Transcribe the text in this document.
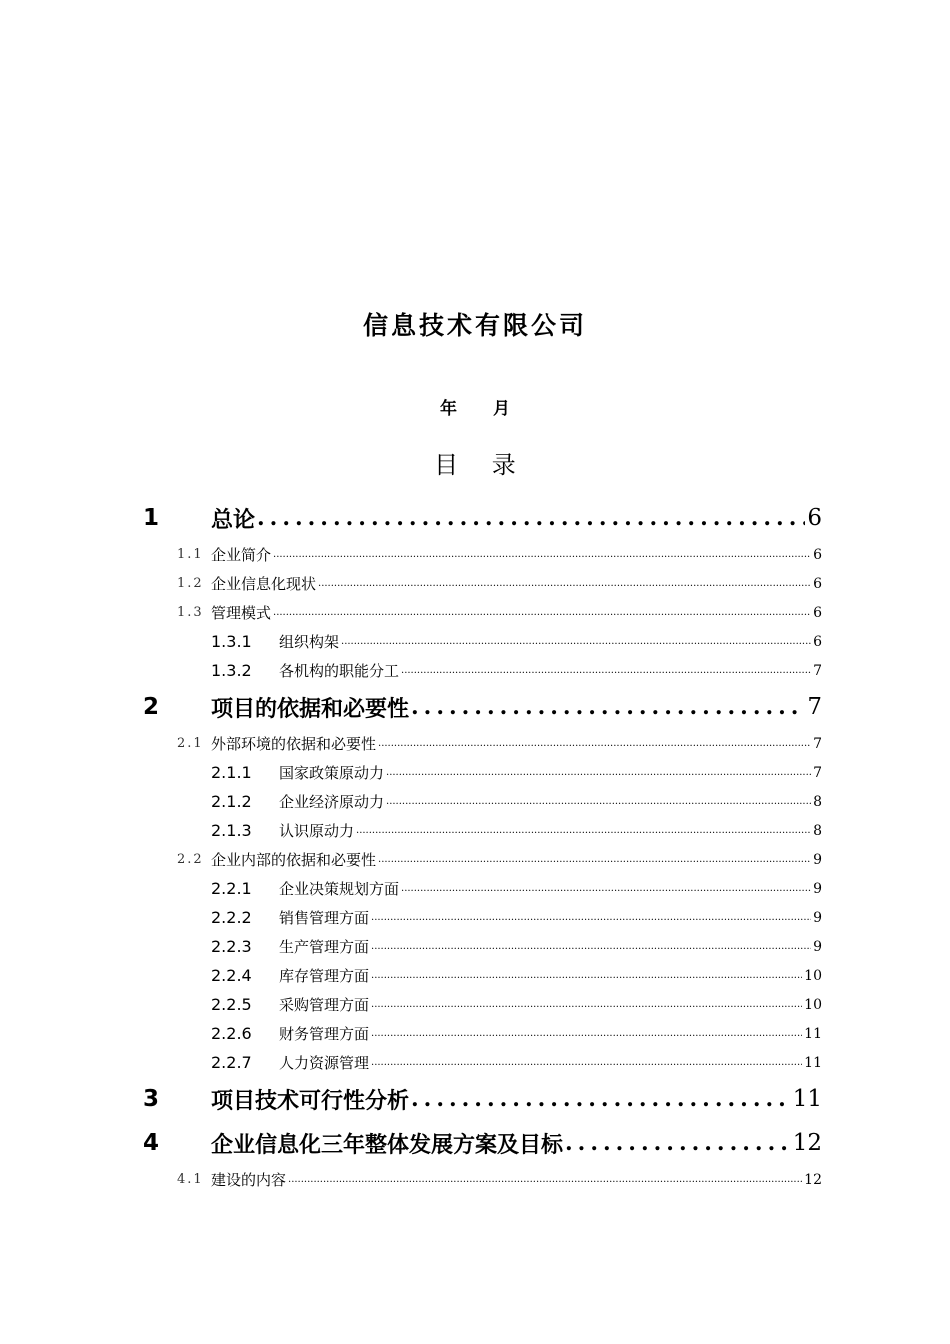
信息技术有限公司
年 月
目 录
1	总论 .....	6
1.1 企业简介 .....	6
1.2 企业信息化现状 .....	6
1.3 管理模式 .....	6
1.3.1	组织构架 .....	6
1.3.2	各机构的职能分工 .....	7
2	项目的依据和必要性 .....	7
2.1 外部环境的依据和必要性 .....	7
2.1.1	国家政策原动力 .....	7
2.1.2	企业经济原动力 .....	8
2.1.3	认识原动力 .....	8
2.2 企业内部的依据和必要性 .....	9
2.2.1	企业决策规划方面 .....	9
2.2.2	销售管理方面 .....	9
2.2.3	生产管理方面 .....	9
2.2.4	库存管理方面 .....	10
2.2.5	采购管理方面 .....	10
2.2.6	财务管理方面 .....	11
2.2.7	人力资源管理 .....	11
3	项目技术可行性分析 .....	11
4	企业信息化三年整体发展方案及目标 .....	12
4.1 建设的内容 .....	12
